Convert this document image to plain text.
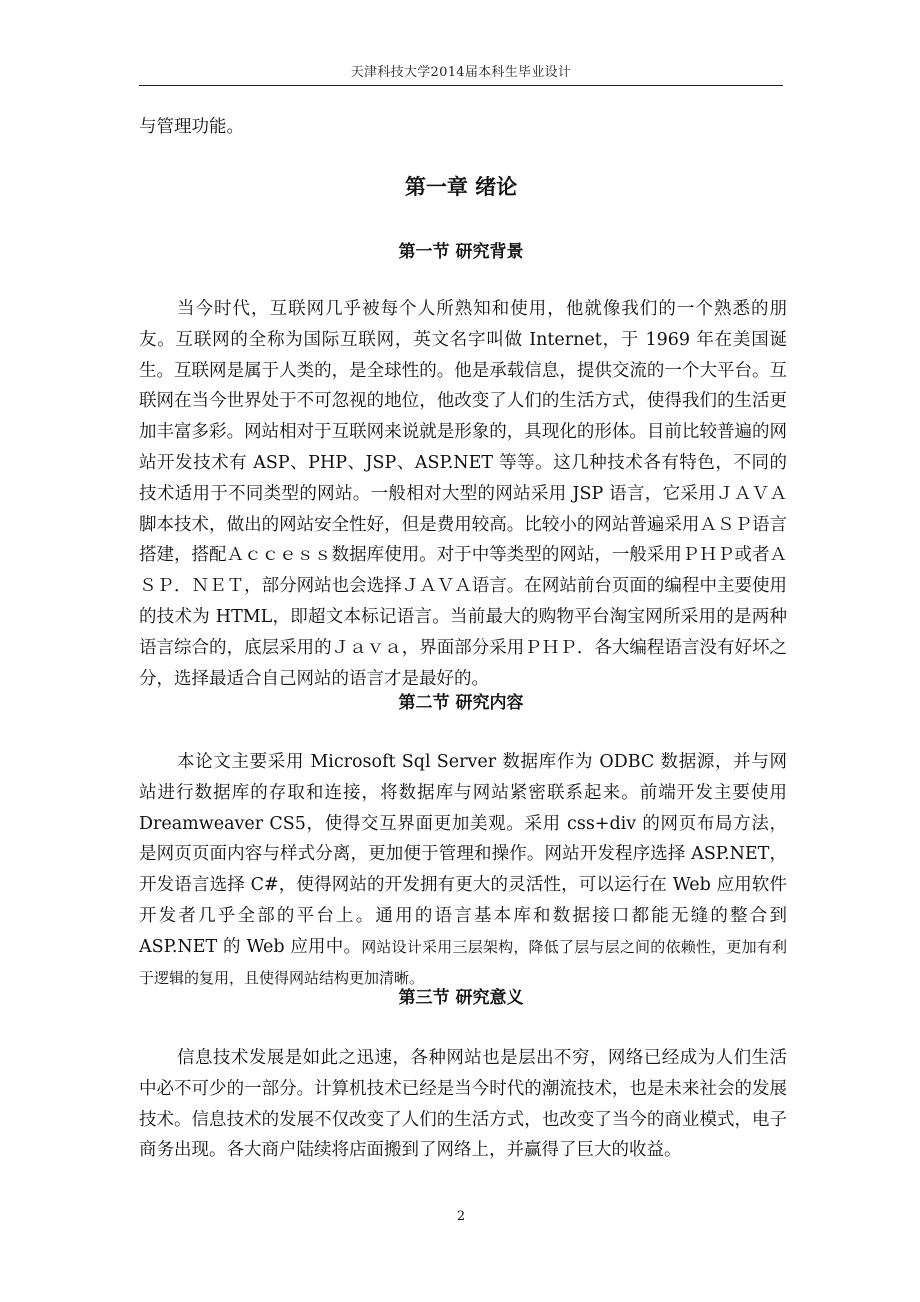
天津科技大学2014届本科生毕业设计

与管理功能。

第一章 绪论
第一节 研究背景

当今时代，互联网几乎被每个人所熟知和使用，他就像我们的一个熟悉的朋友。互联网的全称为国际互联网，英文名字叫做 Internet，于 1969 年在美国诞生。互联网是属于人类的，是全球性的。他是承载信息，提供交流的一个大平台。互联网在当今世界处于不可忽视的地位，他改变了人们的生活方式，使得我们的生活更加丰富多彩。网站相对于互联网来说就是形象的，具现化的形体。目前比较普遍的网站开发技术有 ASP、PHP、JSP、ASP.NET 等等。这几种技术各有特色，不同的技术适用于不同类型的网站。一般相对大型的网站采用 JSP 语言，它采用ＪＡＶＡ脚本技术，做出的网站安全性好，但是费用较高。比较小的网站普遍采用ＡＳＰ语言搭建，搭配Ａｃｃｅｓｓ数据库使用。对于中等类型的网站，一般采用ＰＨＰ或者ＡＳＰ．ＮＥＴ，部分网站也会选择ＪＡＶＡ语言。在网站前台页面的编程中主要使用的技术为 HTML，即超文本标记语言。当前最大的购物平台淘宝网所采用的是两种语言综合的，底层采用的Ｊａｖａ，界面部分采用ＰＨＰ．各大编程语言没有好坏之分，选择最适合自己网站的语言才是最好的。

第二节 研究内容

本论文主要采用 Microsoft Sql Server 数据库作为 ODBC 数据源，并与网站进行数据库的存取和连接，将数据库与网站紧密联系起来。前端开发主要使用 Dreamweaver CS5，使得交互界面更加美观。采用 css+div 的网页布局方法，是网页页面内容与样式分离，更加便于管理和操作。网站开发程序选择 ASP.NET，开发语言选择 C#，使得网站的开发拥有更大的灵活性，可以运行在 Web 应用软件开发者几乎全部的平台上。通用的语言基本库和数据接口都能无缝的整合到 ASP.NET 的 Web 应用中。网站设计采用三层架构，降低了层与层之间的依赖性，更加有利于逻辑的复用，且使得网站结构更加清晰。

第三节 研究意义

信息技术发展是如此之迅速，各种网站也是层出不穷，网络已经成为人们生活中必不可少的一部分。计算机技术已经是当今时代的潮流技术，也是未来社会的发展技术。信息技术的发展不仅改变了人们的生活方式，也改变了当今的商业模式，电子商务出现。各大商户陆续将店面搬到了网络上，并赢得了巨大的收益。

2
